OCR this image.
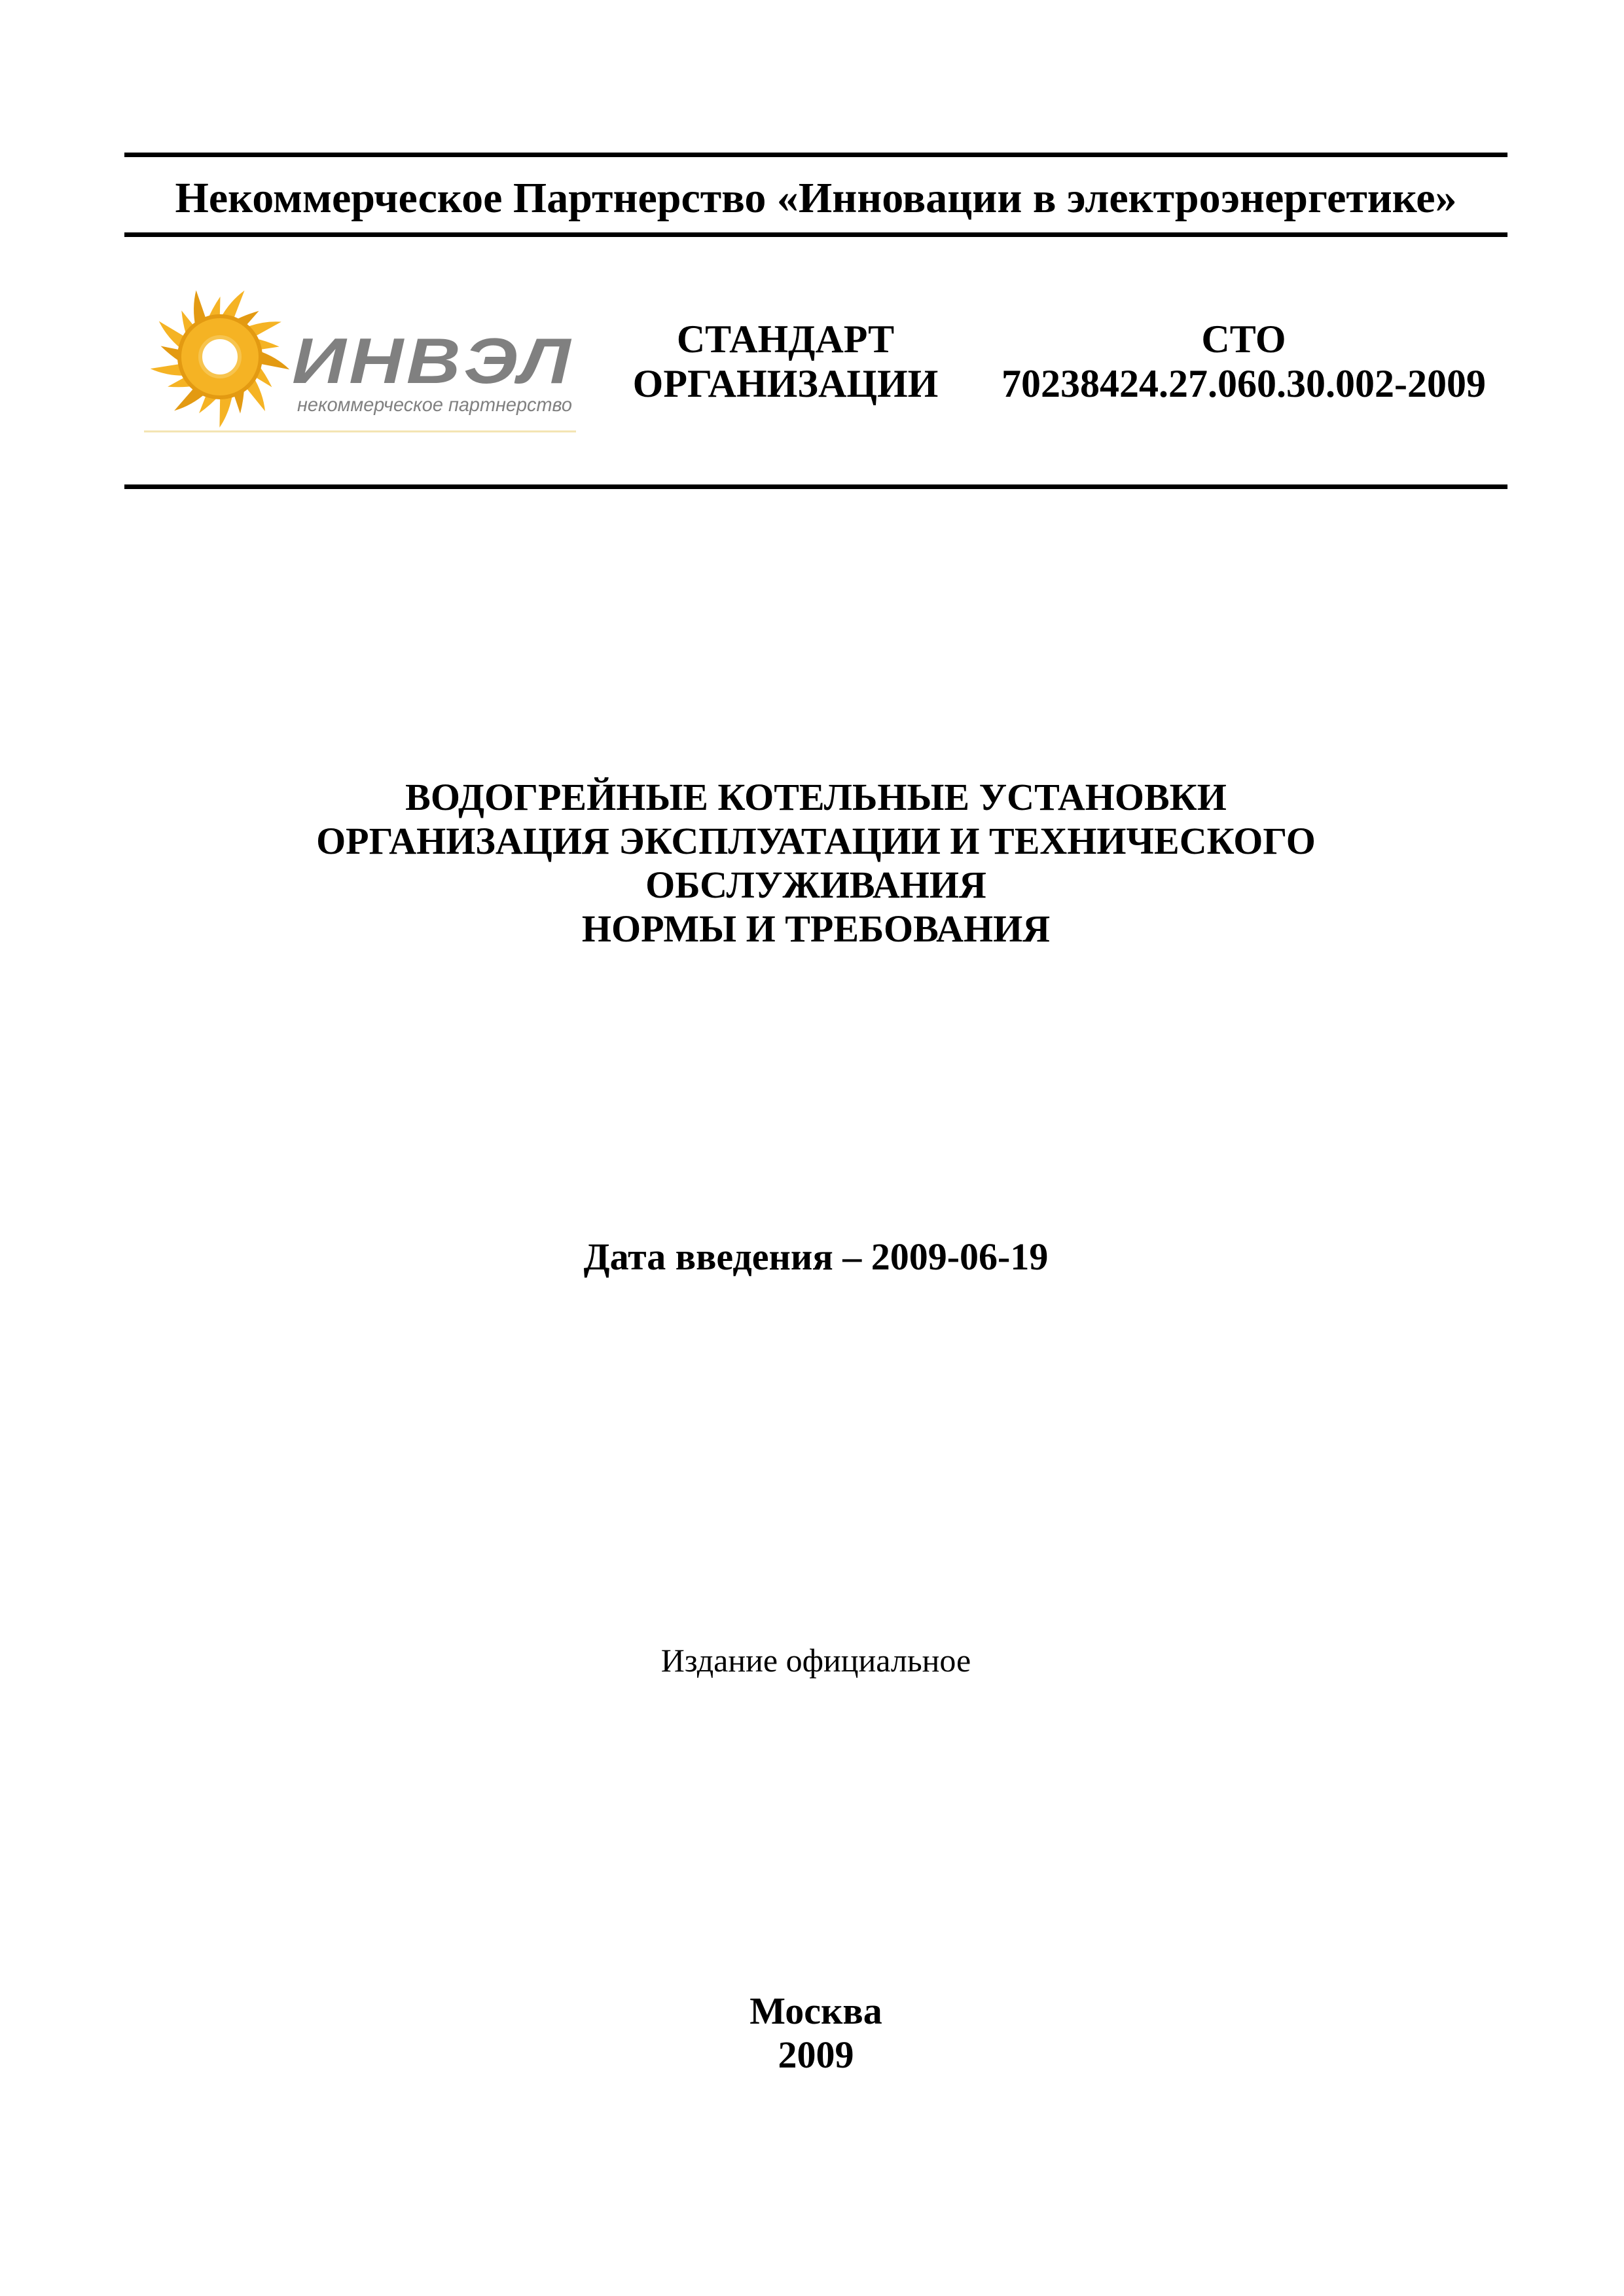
Некоммерческое Партнерство «Инновации в электроэнергетике»
ИНВЭЛ
некоммерческое партнерство
СТАНДАРТ
ОРГАНИЗАЦИИ
СТО
70238424.27.060.30.002-2009
ВОДОГРЕЙНЫЕ КОТЕЛЬНЫЕ УСТАНОВКИ
ОРГАНИЗАЦИЯ ЭКСПЛУАТАЦИИ И ТЕХНИЧЕСКОГО
ОБСЛУЖИВАНИЯ
НОРМЫ И ТРЕБОВАНИЯ
Дата введения – 2009-06-19
Издание официальное
Москва
2009
